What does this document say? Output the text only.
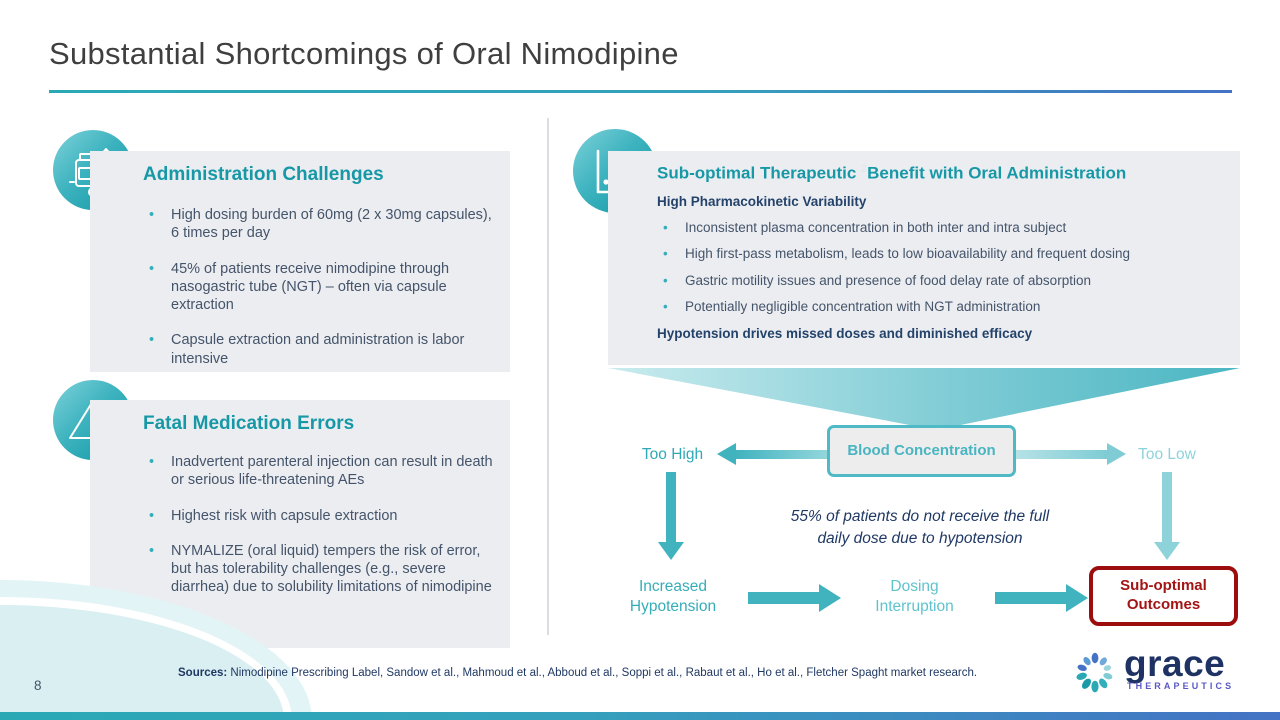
Substantial Shortcomings of Oral Nimodipine
Administration Challenges
•	High dosing burden of 60mg (2 x 30mg capsules), 6 times per day
•	45% of patients receive nimodipine through nasogastric tube (NGT) – often via capsule extraction
•	Capsule extraction and administration is labor intensive
Fatal Medication Errors
•	Inadvertent parenteral injection can result in death or serious life-threatening AEs
•	Highest risk with capsule extraction
•	NYMALIZE (oral liquid) tempers the risk of error, but has tolerability challenges (e.g., severe diarrhea) due to solubility limitations of nimodipine
Sub-optimal Therapeutic $^2$Benefit with Oral Administration
High Pharmacokinetic Variability
•	Inconsistent plasma concentration in both inter and intra subject
•	High first-pass metabolism, leads to low bioavailability and frequent dosing
•	Gastric motility issues and presence of food delay rate of absorption
•	Potentially negligible concentration with NGT administration
Hypotension drives missed doses and diminished efficacy
Blood Concentration
Too High	Too Low
55% of patients do not receive the full
daily dose due to hypotension
Increased Hypotension
Dosing Interruption
Sub-optimal Outcomes
8
Sources: Nimodipine Prescribing Label, Sandow et al., Mahmoud et al., Abboud et al., Soppi et al., Rabaut et al., Ho et al., Fletcher Spaght market research.	grace
THERAPEUTICS
